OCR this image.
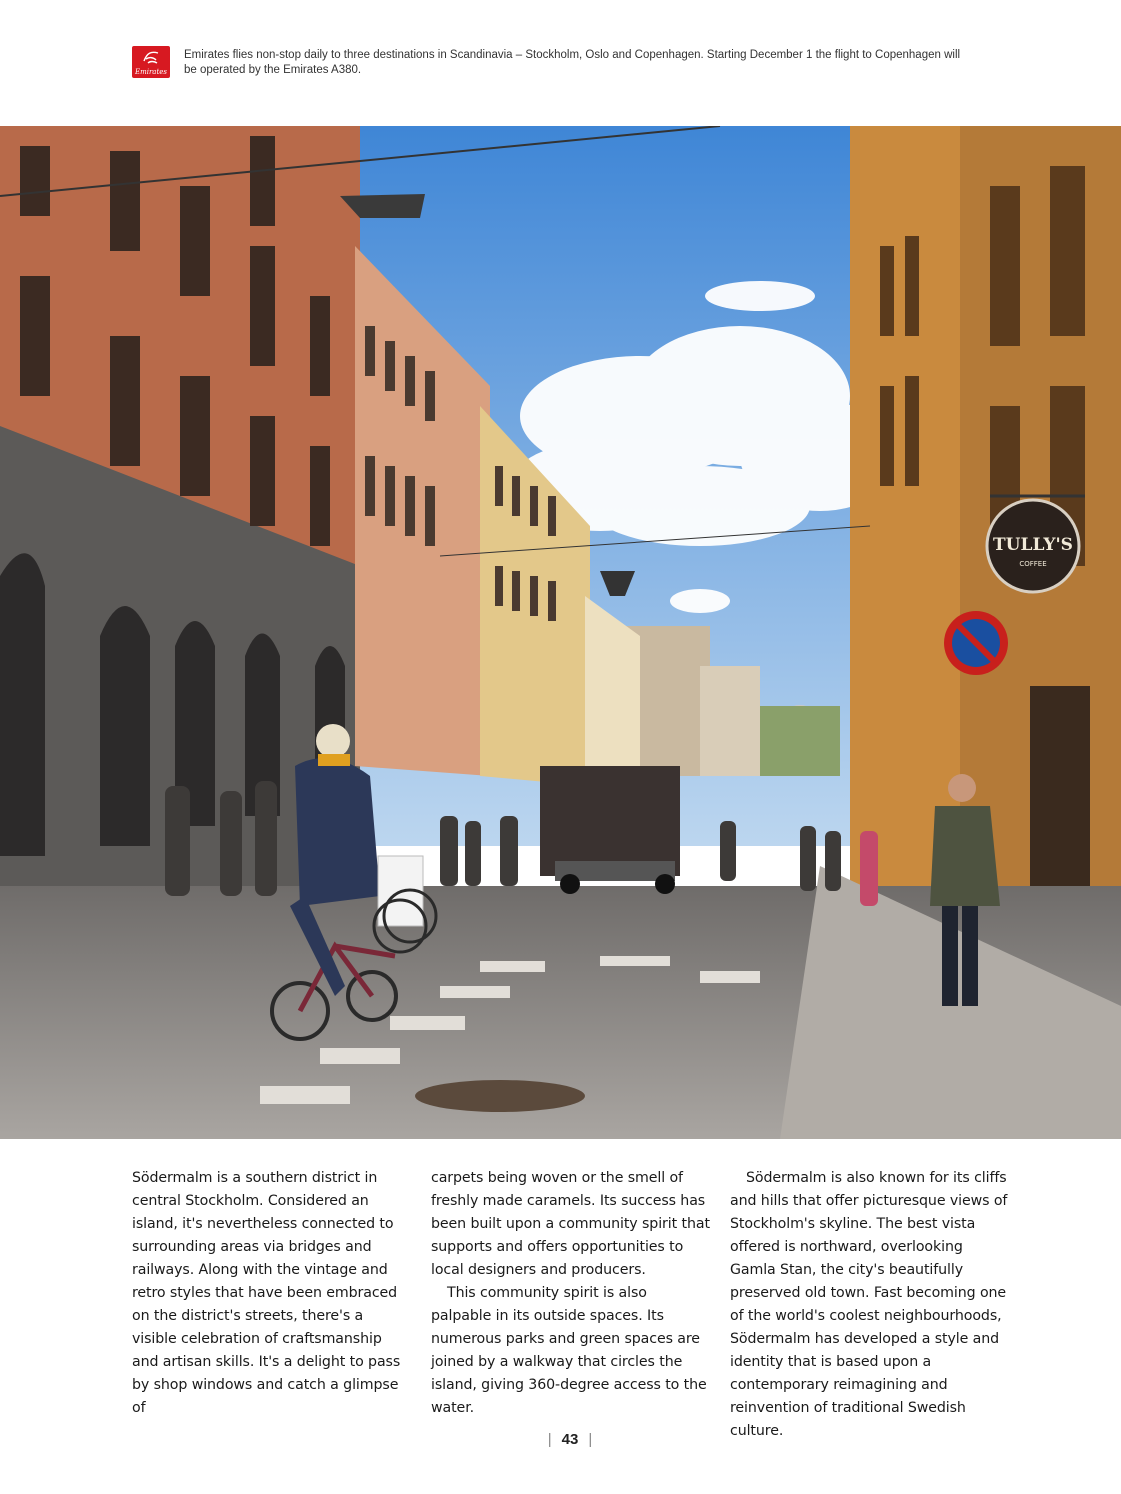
Emirates
Emirates flies non-stop daily to three destinations in Scandinavia – Stockholm, Oslo and Copenhagen. Starting December 1 the flight to Copenhagen will be operated by the Emirates A380.
TULLY'S
COFFEE

Södermalm is a southern district in central Stockholm. Considered an island, it's nevertheless connected to surrounding areas via bridges and railways. Along with the vintage and retro styles that have been embraced on the district's streets, there's a visible celebration of craftsmanship and artisan skills. It's a delight to pass by shop windows and catch a glimpse of

carpets being woven or the smell of freshly made caramels. Its success has been built upon a community spirit that supports and offers opportunities to local designers and producers.

This community spirit is also palpable in its outside spaces. Its numerous parks and green spaces are joined by a walkway that circles the island, giving 360-degree access to the water.

Södermalm is also known for its cliffs and hills that offer picturesque views of Stockholm's skyline. The best vista offered is northward, overlooking Gamla Stan, the city's beautifully preserved old town. Fast becoming one of the world's coolest neighbourhoods, Södermalm has developed a style and identity that is based upon a contemporary reimagining and reinvention of traditional Swedish culture.

| 43 |
